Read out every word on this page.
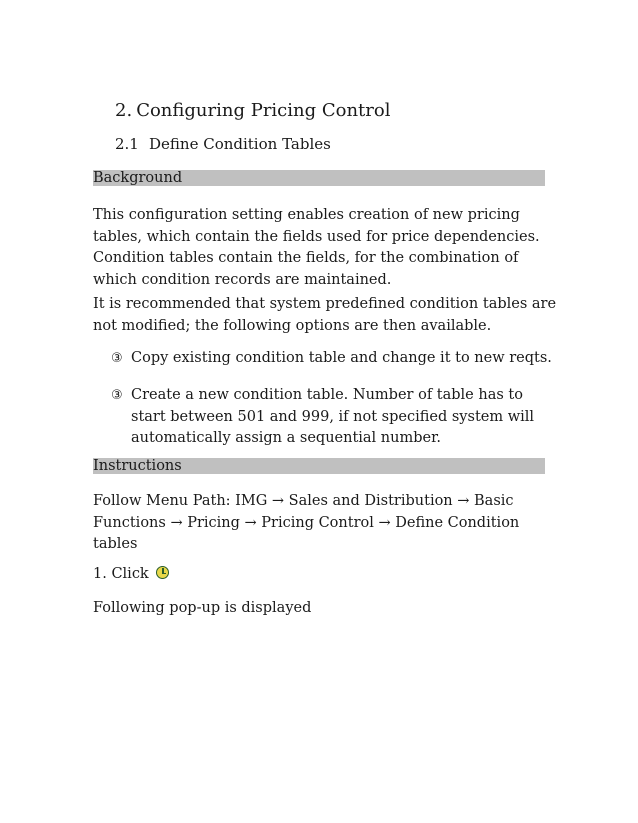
2. Configuring Pricing Control
2.1 Define Condition Tables
Background
This configuration setting enables creation of new pricing
tables, which contain the fields used for price dependencies.
Condition tables contain the fields, for the combination of
which condition records are maintained.
It is recommended that system predefined condition tables are
not modified; the following options are then available.
③ Copy existing condition table and change it to new reqts.
③ Create a new condition table. Number of table has to
start between 501 and 999, if not specified system will
automatically assign a sequential number.
Instructions
Follow Menu Path: IMG → Sales and Distribution → Basic
Functions → Pricing → Pricing Control → Define Condition
tables
1. Click
Following pop-up is displayed
